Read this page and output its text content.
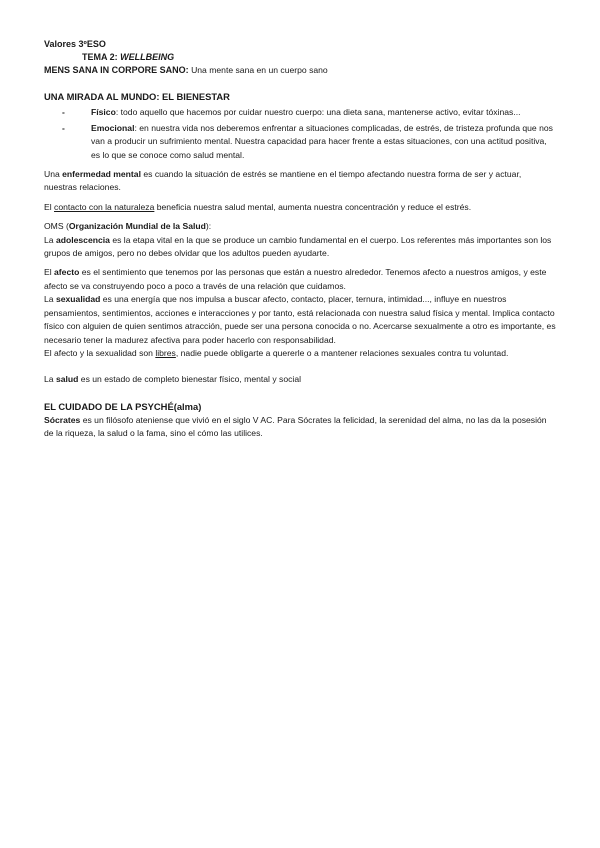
Valores 3ºESO

TEMA 2: WELLBEING

MENS SANA IN CORPORE SANO: Una mente sana en un cuerpo sano

UNA MIRADA AL MUNDO: EL BIENESTAR

-	Físico: todo aquello que hacemos por cuidar nuestro cuerpo: una dieta sana, mantenerse activo, evitar tóxinas...
-	Emocional: en nuestra vida nos deberemos enfrentar a situaciones complicadas, de estrés, de tristeza profunda que nos van a producir un sufrimiento mental. Nuestra capacidad para hacer frente a estas situaciones, con una actitud positiva, es lo que se conoce como salud mental.

Una enfermedad mental es cuando la situación de estrés se mantiene en el tiempo afectando nuestra forma de ser y actuar, nuestras relaciones.

El contacto con la naturaleza beneficia nuestra salud mental, aumenta nuestra concentración y reduce el estrés.

OMS (Organización Mundial de la Salud):

La adolescencia es la etapa vital en la que se produce un cambio fundamental en el cuerpo. Los referentes más importantes son los grupos de amigos, pero no debes olvidar que los adultos pueden ayudarte.

El afecto es el sentimiento que tenemos por las personas que están a nuestro alrededor. Tenemos afecto a nuestros amigos, y este afecto se va construyendo poco a poco a través de una relación que cuidamos.

La sexualidad es una energía que nos impulsa a buscar afecto, contacto, placer, ternura, intimidad..., influye en nuestros pensamientos, sentimientos, acciones e interacciones y por tanto, está relacionada con nuestra salud física y mental. Implica contacto físico con alguien de quien sentimos atracción, puede ser una persona conocida o no. Acercarse sexualmente a otro es importante, es necesario tener la madurez afectiva para poder hacerlo con responsabilidad.

El afecto y la sexualidad son libres, nadie puede obligarte a quererle o a mantener relaciones sexuales contra tu voluntad.

La salud es un estado de completo bienestar físico, mental y social

EL CUIDADO DE LA PSYCHÉ(alma)

Sócrates es un filósofo ateniense que vivió en el siglo V AC. Para Sócrates la felicidad, la serenidad del alma, no las da la posesión de la riqueza, la salud o la fama, sino el cómo las utilices.
